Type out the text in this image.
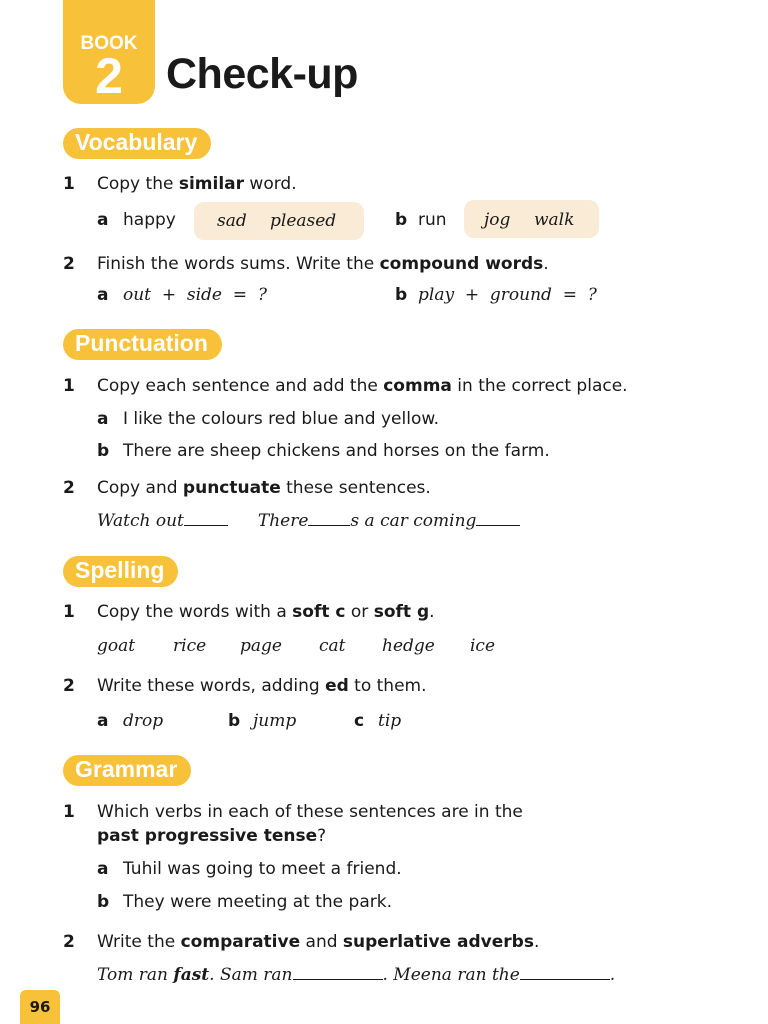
BOOK
2	Check-up
Vocabulary
1 Copy the similar word.
a happy sad pleased	b run jog walk
2 Finish the words sums. Write the compound words.
a out  +  side  =  ?	b play  +  ground  =  ?
Punctuation
1 Copy each sentence and add the comma in the correct place.
a I like the colours red blue and yellow.
b There are sheep chickens and horses on the farm.
2 Copy and punctuate these sentences.
Watch out	There s a car coming
Spelling
1 Copy the words with a soft c or soft g.
goat rice page cat hedge ice
2 Write these words, adding ed to them.
a drop	b jump	c tip
Grammar
1 Which verbs in each of these sentences are in the
past progressive tense?
a Tuhil was going to meet a friend.
b They were meeting at the park.
2 Write the comparative and superlative adverbs.
Tom ran fast. Sam ran	. Meena ran the	.
96
